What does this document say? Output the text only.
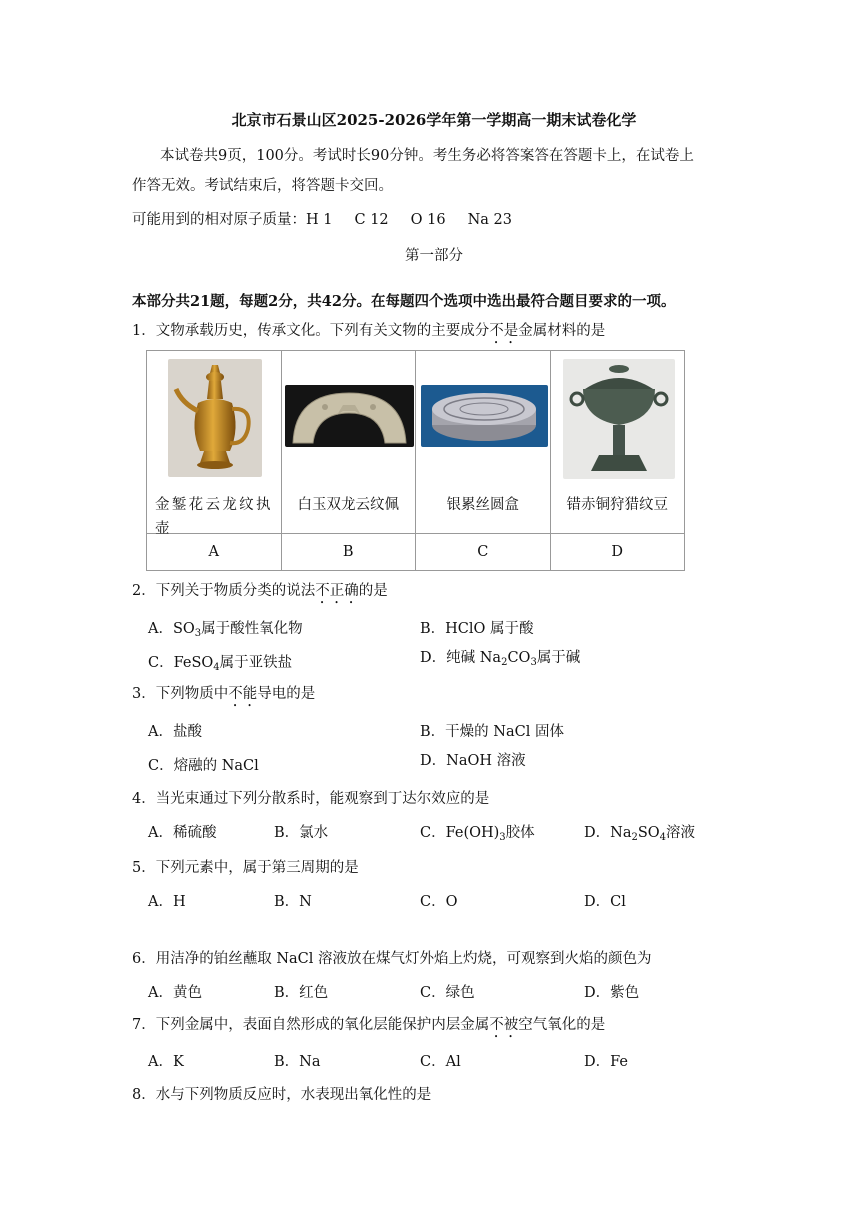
北京市石景山区2025-2026学年第一学期高一期末试卷化学
本试卷共9页，100分。考试时长90分钟。考生务必将答案答在答题卡上，在试卷上
作答无效。考试结束后，将答题卡交回。
可能用到的相对原子质量：H 1 C 12 O 16 Na 23
第一部分
本部分共21题，每题2分，共42分。在每题四个选项中选出最符合题目要求的一项。
1．文物承载历史，传承文化。下列有关文物的主要成分不是金属材料的是
金錾花云龙纹执壶	白玉双龙云纹佩	银累丝圆盒	错赤铜狩猎纹豆

A	B	C	D
2．下列关于物质分类的说法不正确的是
A．$SO_3$属于酸性氧化物	B．HClO 属于酸
C．FeSO$_4$属于亚铁盐	D．纯碱 $Na_2CO_3$属于碱
3．下列物质中不能导电的是
A．盐酸	B．干燥的 NaCl 固体
C．熔融的 NaCl	D．NaOH 溶液
4．当光束通过下列分散系时，能观察到丁达尔效应的是
A．稀硫酸	B．氯水	C．$Fe(OH)_3$胶体	D．$Na_2SO_4$溶液
5．下列元素中，属于第三周期的是
A．H	B．N	C．O	D．Cl
6．用洁净的铂丝蘸取 NaCl 溶液放在煤气灯外焰上灼烧，可观察到火焰的颜色为
A．黄色	B．红色	C．绿色	D．紫色
7．下列金属中，表面自然形成的氧化层能保护内层金属不被空气氧化的是
A．K	B．Na	C．Al	D．Fe
8．水与下列物质反应时，水表现出氧化性的是
